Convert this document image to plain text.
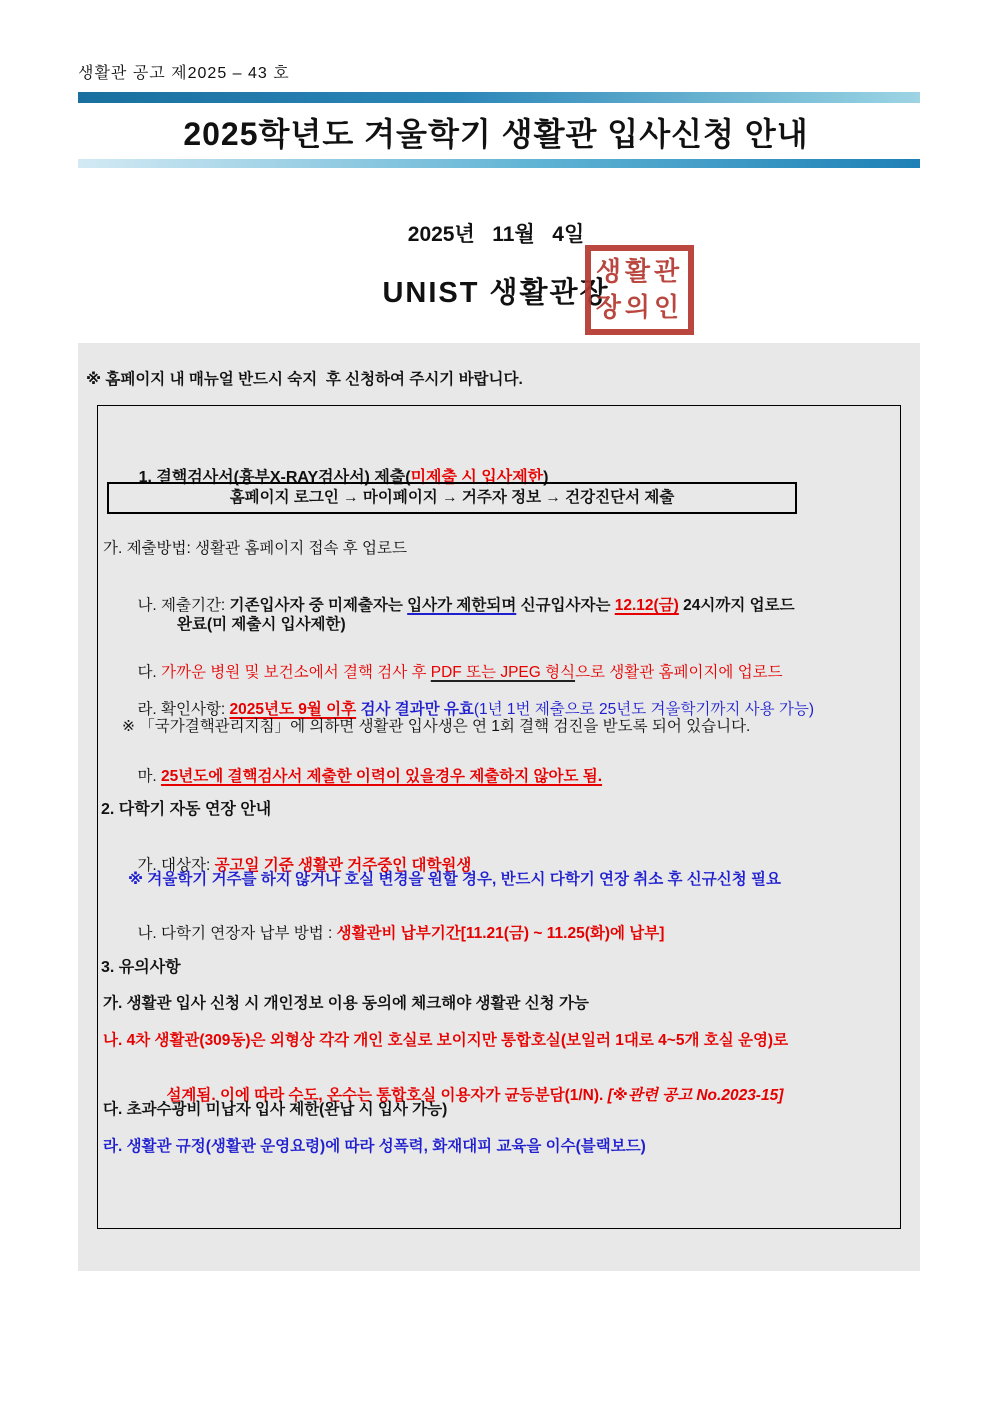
생활관 공고 제2025 – 43 호
2025학년도 겨울학기 생활관 입사신청 안내
2025년   11월   4일
UNIST 생활관장
생활관
장의인
※ 홈페이지 내 매뉴얼 반드시 숙지  후 신청하여 주시기 바랍니다.

1. 결핵검사서(흉부X-RAY검사서) 제출(미제출 시 입사제한)

홈페이지 로그인 → 마이페이지 → 거주자 정보 → 건강진단서 제출
가. 제출방법: 생활관 홈페이지 접속 후 업로드

나. 제출기간: 기존입사자 중 미제출자는 입사가 제한되며 신규입사자는 12.12(금) 24시까지 업로드

완료(미 제출시 입사제한)

다. 가까운 병원 및 보건소에서 결핵 검사 후 PDF 또는 JPEG 형식으로 생활관 홈페이지에 업로드

라. 확인사항: 2025년도 9월 이후 검사 결과만 유효(1년 1번 제출으로 25년도 겨울학기까지 사용 가능)

※ 「국가결핵관리지침」에 의하면 생활관 입사생은 연 1회 결핵 검진을 받도록 되어 있습니다.

마. 25년도에 결핵검사서 제출한 이력이 있을경우 제출하지 않아도 됨.

2. 다학기 자동 연장 안내

가. 대상자: 공고일 기준 생활관 거주중인 대학원생

※ 겨울학기 거주를 하지 않거나 호실 변경을 원할 경우, 반드시 다학기 연장 취소 후 신규신청 필요

나. 다학기 연장자 납부 방법 : 생활관비 납부기간[11.21(금) ~ 11.25(화)에 납부]

3. 유의사항
가. 생활관 입사 신청 시 개인정보 이용 동의에 체크해야 생활관 신청 가능
나. 4차 생활관(309동)은 외형상 각각 개인 호실로 보이지만 통합호실(보일러 1대로 4~5개 호실 운영)로

설계됨. 이에 따라 수도, 온수는 통합호실 이용자가 균등분담(1/N). [※관련 공고 No.2023-15]

다. 초과수광비 미납자 입사 제한(완납 시 입사 가능)
라. 생활관 규정(생활관 운영요령)에 따라 성폭력, 화재대피 교육을 이수(블랙보드)
